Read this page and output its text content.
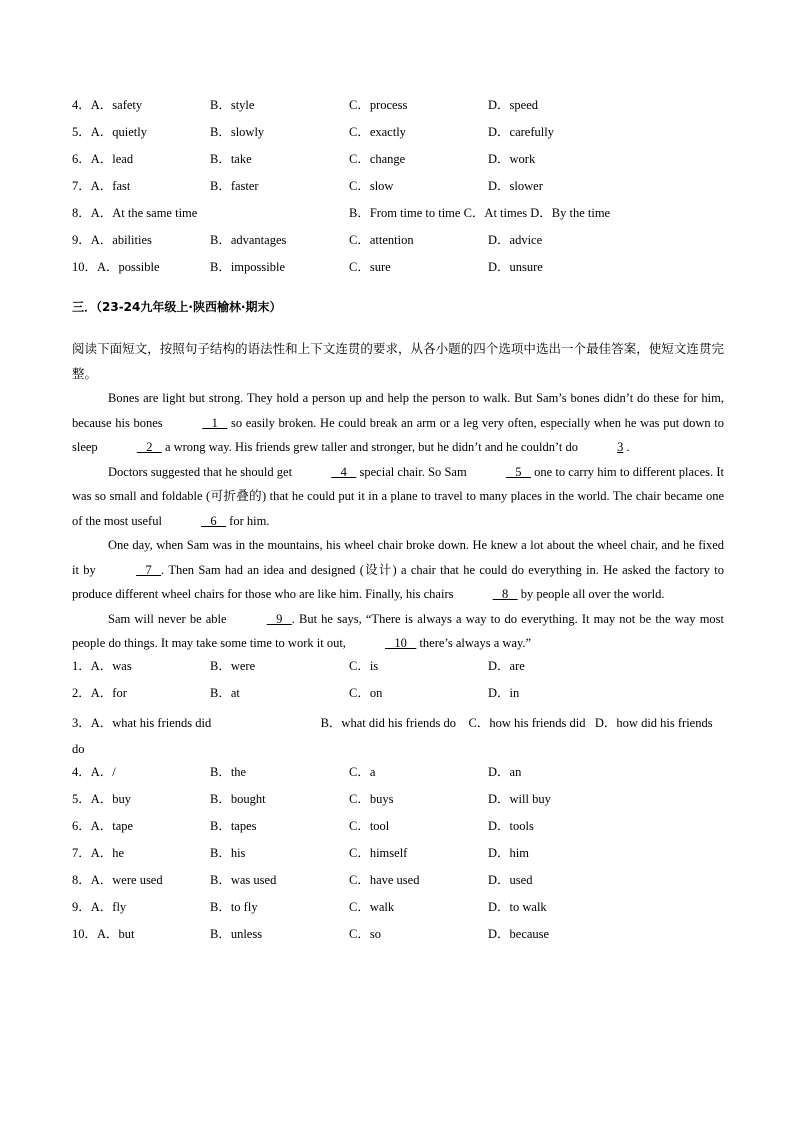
4．A．safety	B．style	C．process	D．speed
5．A．quietly	B．slowly	C．exactly	D．carefully
6．A．lead	B．take	C．change	D．work
7．A．fast	B．faster	C．slow	D．slower
8．A．At the same time	B．From time to time C．At times D．By the time
9．A．abilities	B．advantages	C．attention	D．advice
10．A．possible	B．impossible	C．sure	D．unsure
三．（23-24九年级上·陕西榆林·期末）
阅读下面短文，按照句子结构的语法性和上下文连贯的要求，从各小题的四个选项中选出一个最佳答案，使短文连贯完整。

Bones are light but strong. They hold a person up and help the person to walk. But Sam’s bones didn’t do these for him, because his bones	1    so easily broken. He could break an arm or a leg very often, especially when he was put down to sleep	2    a wrong way. His friends grew taller and stronger, but he didn’t and he couldn’t do	3 .

Doctors suggested that he should get	4    special chair. So Sam	5    one to carry him to different places. It was so small and foldable (可折叠的) that he could put it in a plane to travel to many places in the world. The chair became one of the most useful	6    for him.

One day, when Sam was in the mountains, his wheel chair broke down. He knew a lot about the wheel chair, and he fixed it by	7   . Then Sam had an idea and designed (设计) a chair that he could do everything in. He asked the factory to produce different wheel chairs for those who are like him. Finally, his chairs	8    by people all over the world.

Sam will never be able	9   . But he says, “There is always a way to do everything. It may not be the way most people do things. It may take some time to work it out,	10    there’s always a way.”

1．A．was	B．were	C．is	D．are
2．A．for	B．at	C．on	D．in

3．A．what his friends did                                   B．what did his friends do    C．how his friends did   D．how did his friends do

4．A．/	B．the	C．a	D．an
5．A．buy	B．bought	C．buys	D．will buy
6．A．tape	B．tapes	C．tool	D．tools
7．A．he	B．his	C．himself	D．him
8．A．were used	B．was used	C．have used	D．used
9．A．fly	B．to fly	C．walk	D．to walk
10．A．but	B．unless	C．so	D．because
